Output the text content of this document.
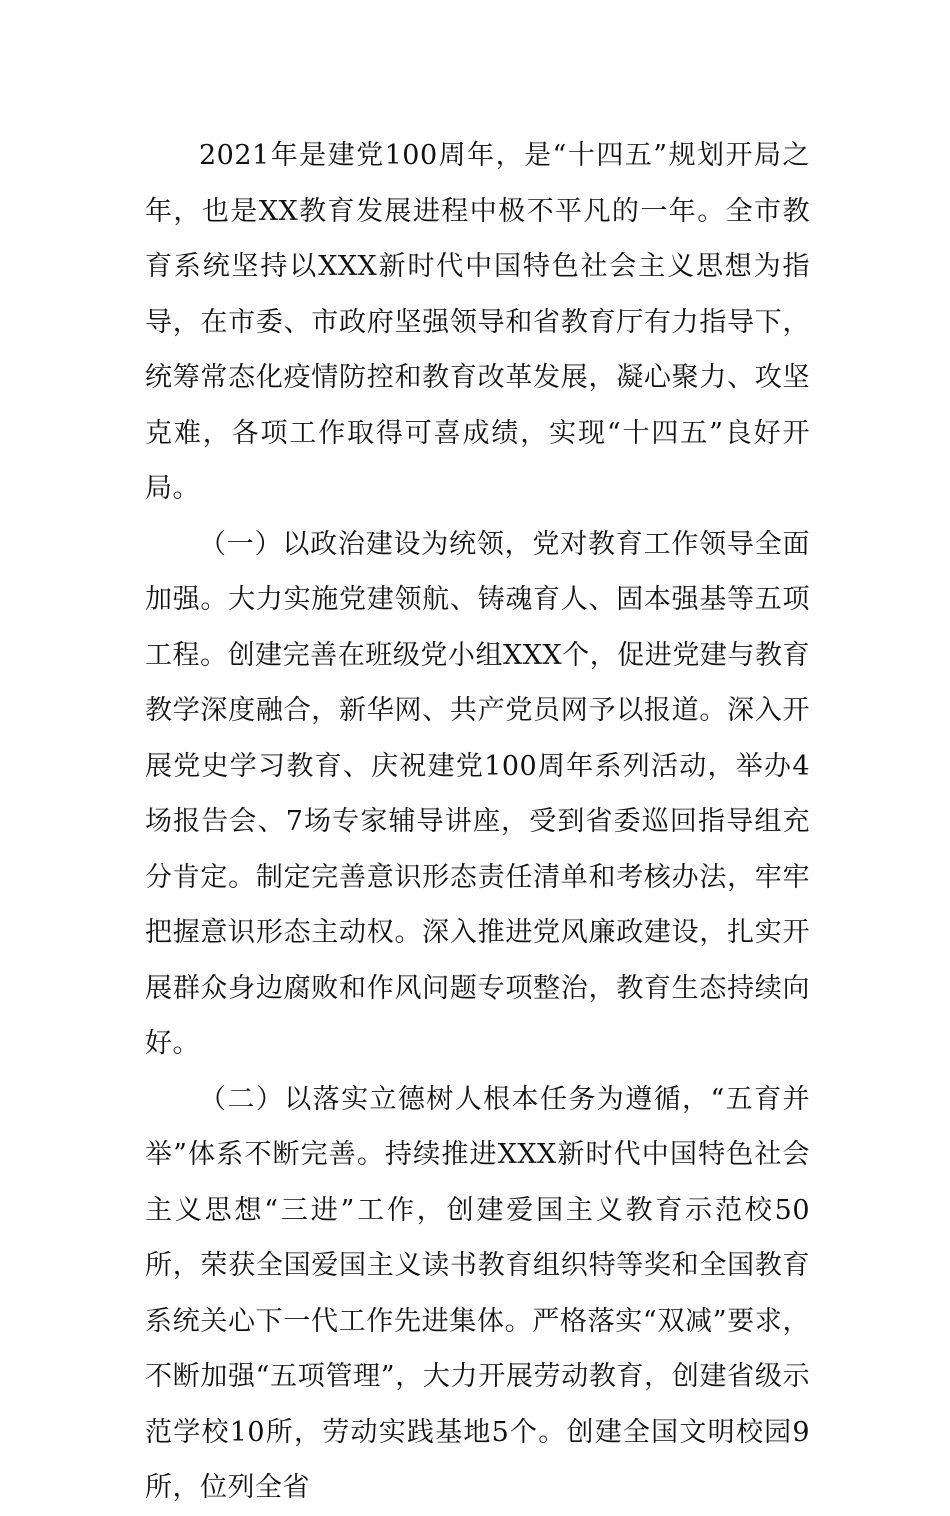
2021年是建党100周年，是“十四五”规划开局之年，也是XX教育发展进程中极不平凡的一年。全市教育系统坚持以XXX新时代中国特色社会主义思想为指导，在市委、市政府坚强领导和省教育厅有力指导下，统筹常态化疫情防控和教育改革发展，凝心聚力、攻坚克难，各项工作取得可喜成绩，实现“十四五”良好开局。

（一）以政治建设为统领，党对教育工作领导全面加强。大力实施党建领航、铸魂育人、固本强基等五项工程。创建完善在班级党小组XXX个，促进党建与教育教学深度融合，新华网、共产党员网予以报道。深入开展党史学习教育、庆祝建党100周年系列活动，举办4场报告会、7场专家辅导讲座，受到省委巡回指导组充分肯定。制定完善意识形态责任清单和考核办法，牢牢把握意识形态主动权。深入推进党风廉政建设，扎实开展群众身边腐败和作风问题专项整治，教育生态持续向好。

（二）以落实立德树人根本任务为遵循，“五育并举”体系不断完善。持续推进XXX新时代中国特色社会主义思想“三进”工作，创建爱国主义教育示范校50所，荣获全国爱国主义读书教育组织特等奖和全国教育系统关心下一代工作先进集体。严格落实“双减”要求，不断加强“五项管理”，大力开展劳动教育，创建省级示范学校10所，劳动实践基地5个。创建全国文明校园9所，位列全省
